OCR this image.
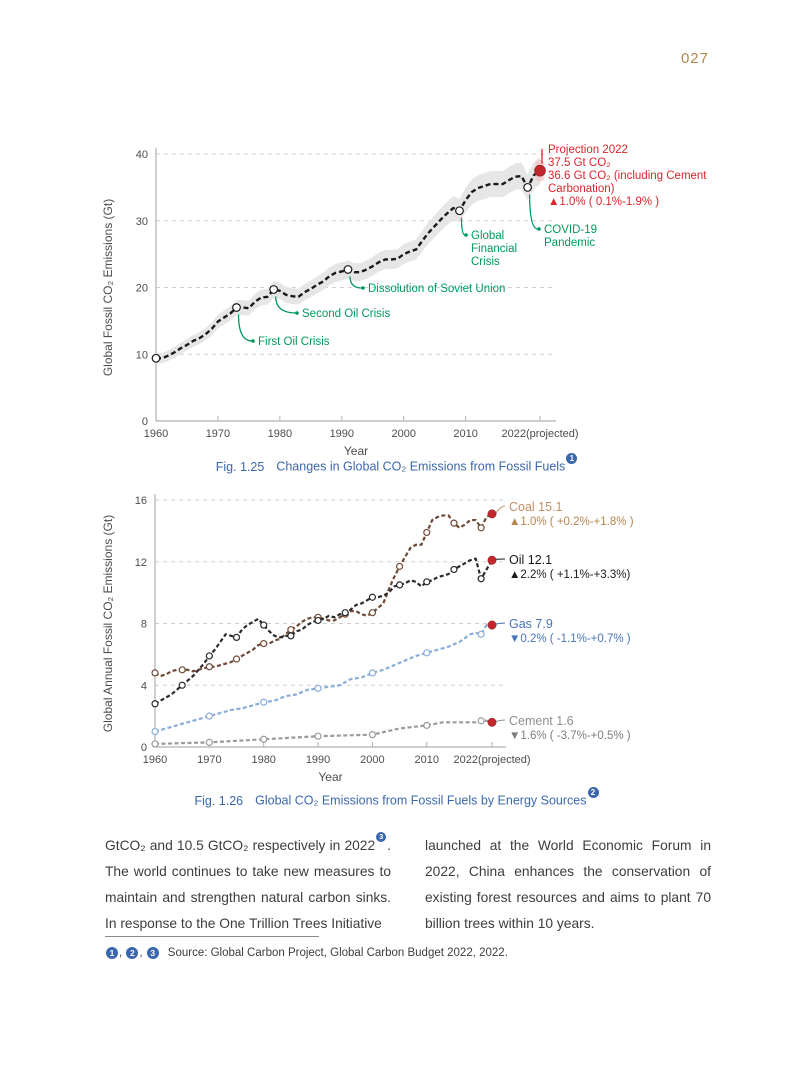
027
1960	1970	1980	1990	2000	2010 2022(projected)
0
10
20
30
40
Global Fossil CO₂ Emissions (Gt)
Year
First Oil Crisis
Second Oil Crisis
Dissolution of Soviet Union
Global
Financial
Crisis
COVID-19
Pandemic
Projection 2022
37.5 Gt CO₂
36.6 Gt CO₂ (including Cement
Carbonation)
▲1.0% ( 0.1%-1.9% )
Fig. 1.25 Changes in Global CO₂ Emissions from Fossil Fuels$^1$
1960	1970	1980	1990	2000	2010 2022(projected)
0
4
8
12
16
Global Annual Fossil CO₂ Emissions (Gt)
Year
Coal 15.1
▲1.0% ( +0.2%-+1.8% )
Oil 12.1
▲2.2% ( +1.1%-+3.3%)
Gas 7.9
▼0.2% ( -1.1%-+0.7% )
Cement 1.6
▼1.6% ( -3.7%-+0.5% )
Fig. 1.26 Global CO₂ Emissions from Fossil Fuels by Energy Sources$^2$

GtCO₂ and 10.5 GtCO₂ respectively in 2022$^3$. The world continues to take new measures to maintain and strengthen natural carbon sinks. In response to the One Trillion Trees Initiative

launched at the World Economic Forum in 2022, China enhances the conservation of existing forest resources and aims to plant 70 billion trees within 10 years.

1 , 2 , 3	Source: Global Carbon Project, Global Carbon Budget 2022, 2022.
